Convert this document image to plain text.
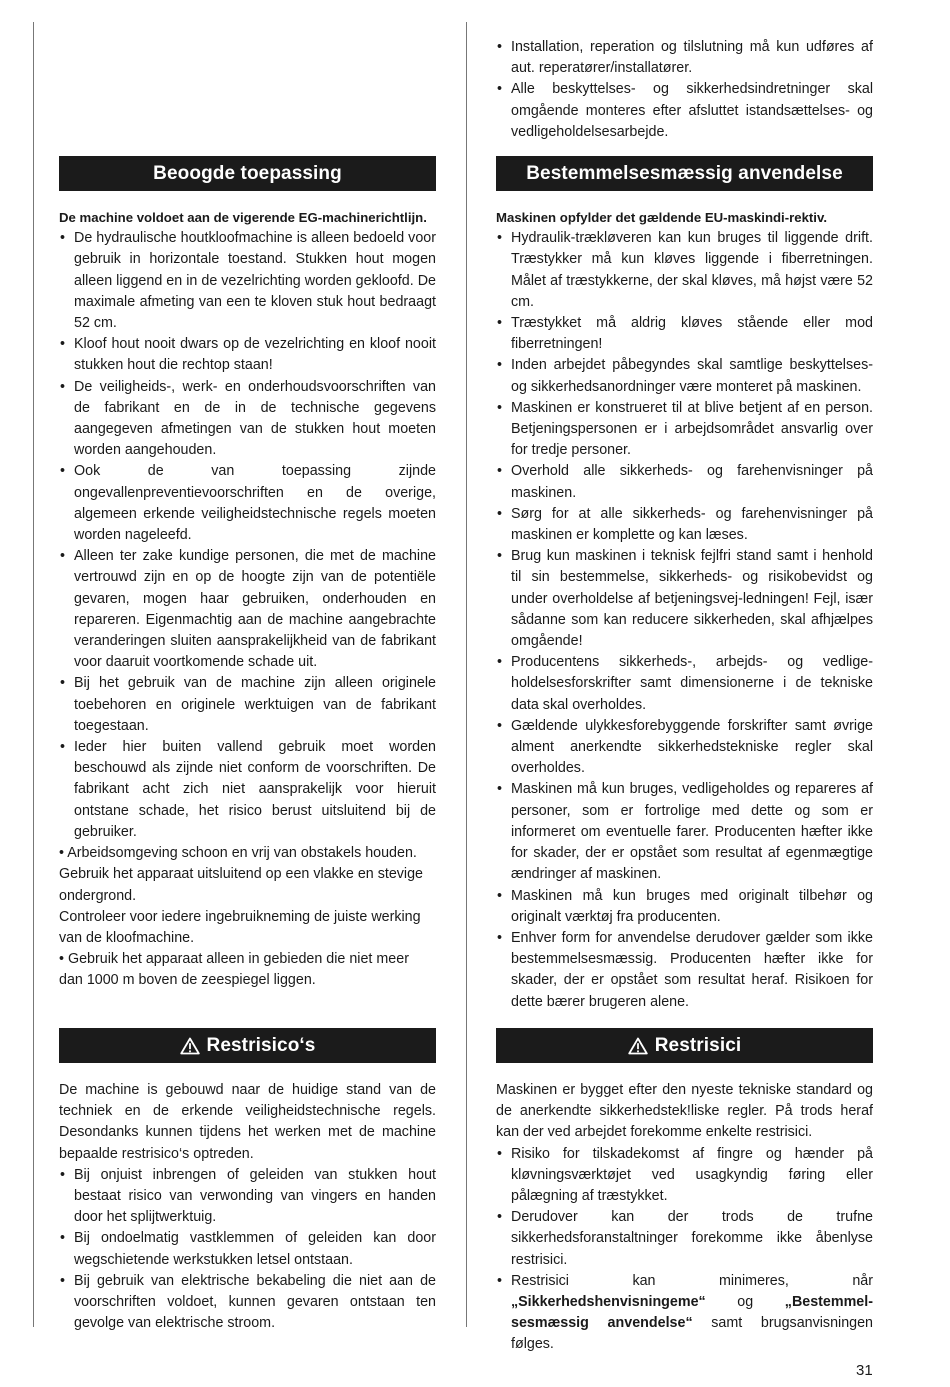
• Installation, reperation og tilslutning må kun udføres af aut. reperatører/installatører.
• Alle beskyttelses- og sikkerhedsindretninger skal omgående monteres efter afsluttet istandsættelses- og vedligeholdelsesarbejde.
Beoogde toepassing	Bestemmelsesmæssig anvendelse

De machine voldoet aan de vigerende EG-machinerichtlijn.

• De hydraulische houtkloofmachine is alleen bedoeld voor gebruik in horizontale toestand. Stukken hout mogen alleen liggend en in de vezelrichting worden gekloofd. De maximale afmeting van een te kloven stuk hout bedraagt 52 cm.
• Kloof hout nooit dwars op de vezelrichting en kloof nooit stukken hout die rechtop staan!
• De veiligheids-, werk- en onderhoudsvoorschriften van de fabrikant en de in de technische gegevens aangegeven afmetingen van de stukken hout moeten worden aangehouden.
• Ook de van toepassing zijnde ongevallenpreventievoorschriften en de overige, algemeen erkende veiligheidstechnische regels moeten worden nageleefd.
• Alleen ter zake kundige personen, die met de machine vertrouwd zijn en op de hoogte zijn van de potentiële gevaren, mogen haar gebruiken, onderhouden en repareren. Eigenmachtig aan de machine aangebrachte veranderingen sluiten aansprakelijkheid van de fabrikant voor daaruit voortkomende schade uit.
• Bij het gebruik van de machine zijn alleen originele toebehoren en originele werktuigen van de fabrikant toegestaan.
• Ieder hier buiten vallend gebruik moet worden beschouwd als zijnde niet conform de voorschriften. De fabrikant acht zich niet aansprakelijk voor hieruit ontstane schade, het risico berust uitsluitend bij de gebruiker.

• Arbeidsomgeving schoon en vrij van obstakels houden.

Gebruik het apparaat uitsluitend op een vlakke en stevige ondergrond.

Controleer voor iedere ingebruikneming de juiste werking van de kloofmachine.

• Gebruik het apparaat alleen in gebieden die niet meer dan 1000 m boven de zeespiegel liggen.

Maskinen opfylder det gældende EU-maskindi-rektiv.

• Hydraulik-trækløveren kan kun bruges til liggende drift. Træstykker må kun kløves liggende i fiberretningen. Målet af træstykkerne, der skal kløves, må højst være 52 cm.
• Træstykket må aldrig kløves stående eller mod fiberretningen!
• Inden arbejdet påbegyndes skal samtlige beskyttelses- og sikkerhedsanordninger være monteret på maskinen.
• Maskinen er konstrueret til at blive betjent af en person. Betjeningspersonen er i arbejdsområdet ansvarlig over for tredje personer.
• Overhold alle sikkerheds- og farehenvisninger på maskinen.
• Sørg for at alle sikkerheds- og farehenvisninger på maskinen er komplette og kan læses.
• Brug kun maskinen i teknisk fejlfri stand samt i henhold til sin bestemmelse, sikkerheds- og risikobevidst og under overholdelse af betjeningsvej-ledningen! Fejl, især sådanne som kan reducere sikkerheden, skal afhjælpes omgående!
• Producentens sikkerheds-, arbejds- og vedlige-holdelsesforskrifter samt dimensionerne i de tekniske data skal overholdes.
• Gældende ulykkesforebyggende forskrifter samt øvrige alment anerkendte sikkerhedstekniske regler skal overholdes.
• Maskinen må kun bruges, vedligeholdes og repareres af personer, som er fortrolige med dette og som er informeret om eventuelle farer. Producenten hæfter ikke for skader, der er opstået som resultat af egenmægtige ændringer af maskinen.
• Maskinen må kun bruges med originalt tilbehør og originalt værktøj fra producenten.
• Enhver form for anvendelse derudover gælder som ikke bestemmelsesmæssig. Producenten hæfter ikke for skader, der er opstået som resultat heraf. Risikoen for dette bærer brugeren alene.
Restrisico‘s	Restrisici

De machine is gebouwd naar de huidige stand van de techniek en de erkende veiligheidstechnische regels. Desondanks kunnen tijdens het werken met de machine bepaalde restrisico‘s optreden.

• Bij onjuist inbrengen of geleiden van stukken hout bestaat risico van verwonding van vingers en handen door het splijtwerktuig.
• Bij ondoelmatig vastklemmen of geleiden kan door wegschietende werkstukken letsel ontstaan.
• Bij gebruik van elektrische bekabeling die niet aan de voorschriften voldoet, kunnen gevaren ontstaan ten gevolge van elektrische stroom.

Maskinen er bygget efter den nyeste tekniske standard og de anerkendte sikkerhedstek!liske regler. På trods heraf kan der ved arbejdet forekomme enkelte restrisici.

• Risiko for tilskadekomst af fingre og hænder på kløvningsværktøjet ved usagkyndig føring eller pålægning af træstykket.
• Derudover kan der trods de trufne sikkerhedsforanstaltninger forekomme ikke åbenlyse restrisici.
• Restrisici kan minimeres, når „Sikkerhedshenvisningeme“ og „Bestemmel-sesmæssig anvendelse“ samt brugsanvisningen følges.
31
